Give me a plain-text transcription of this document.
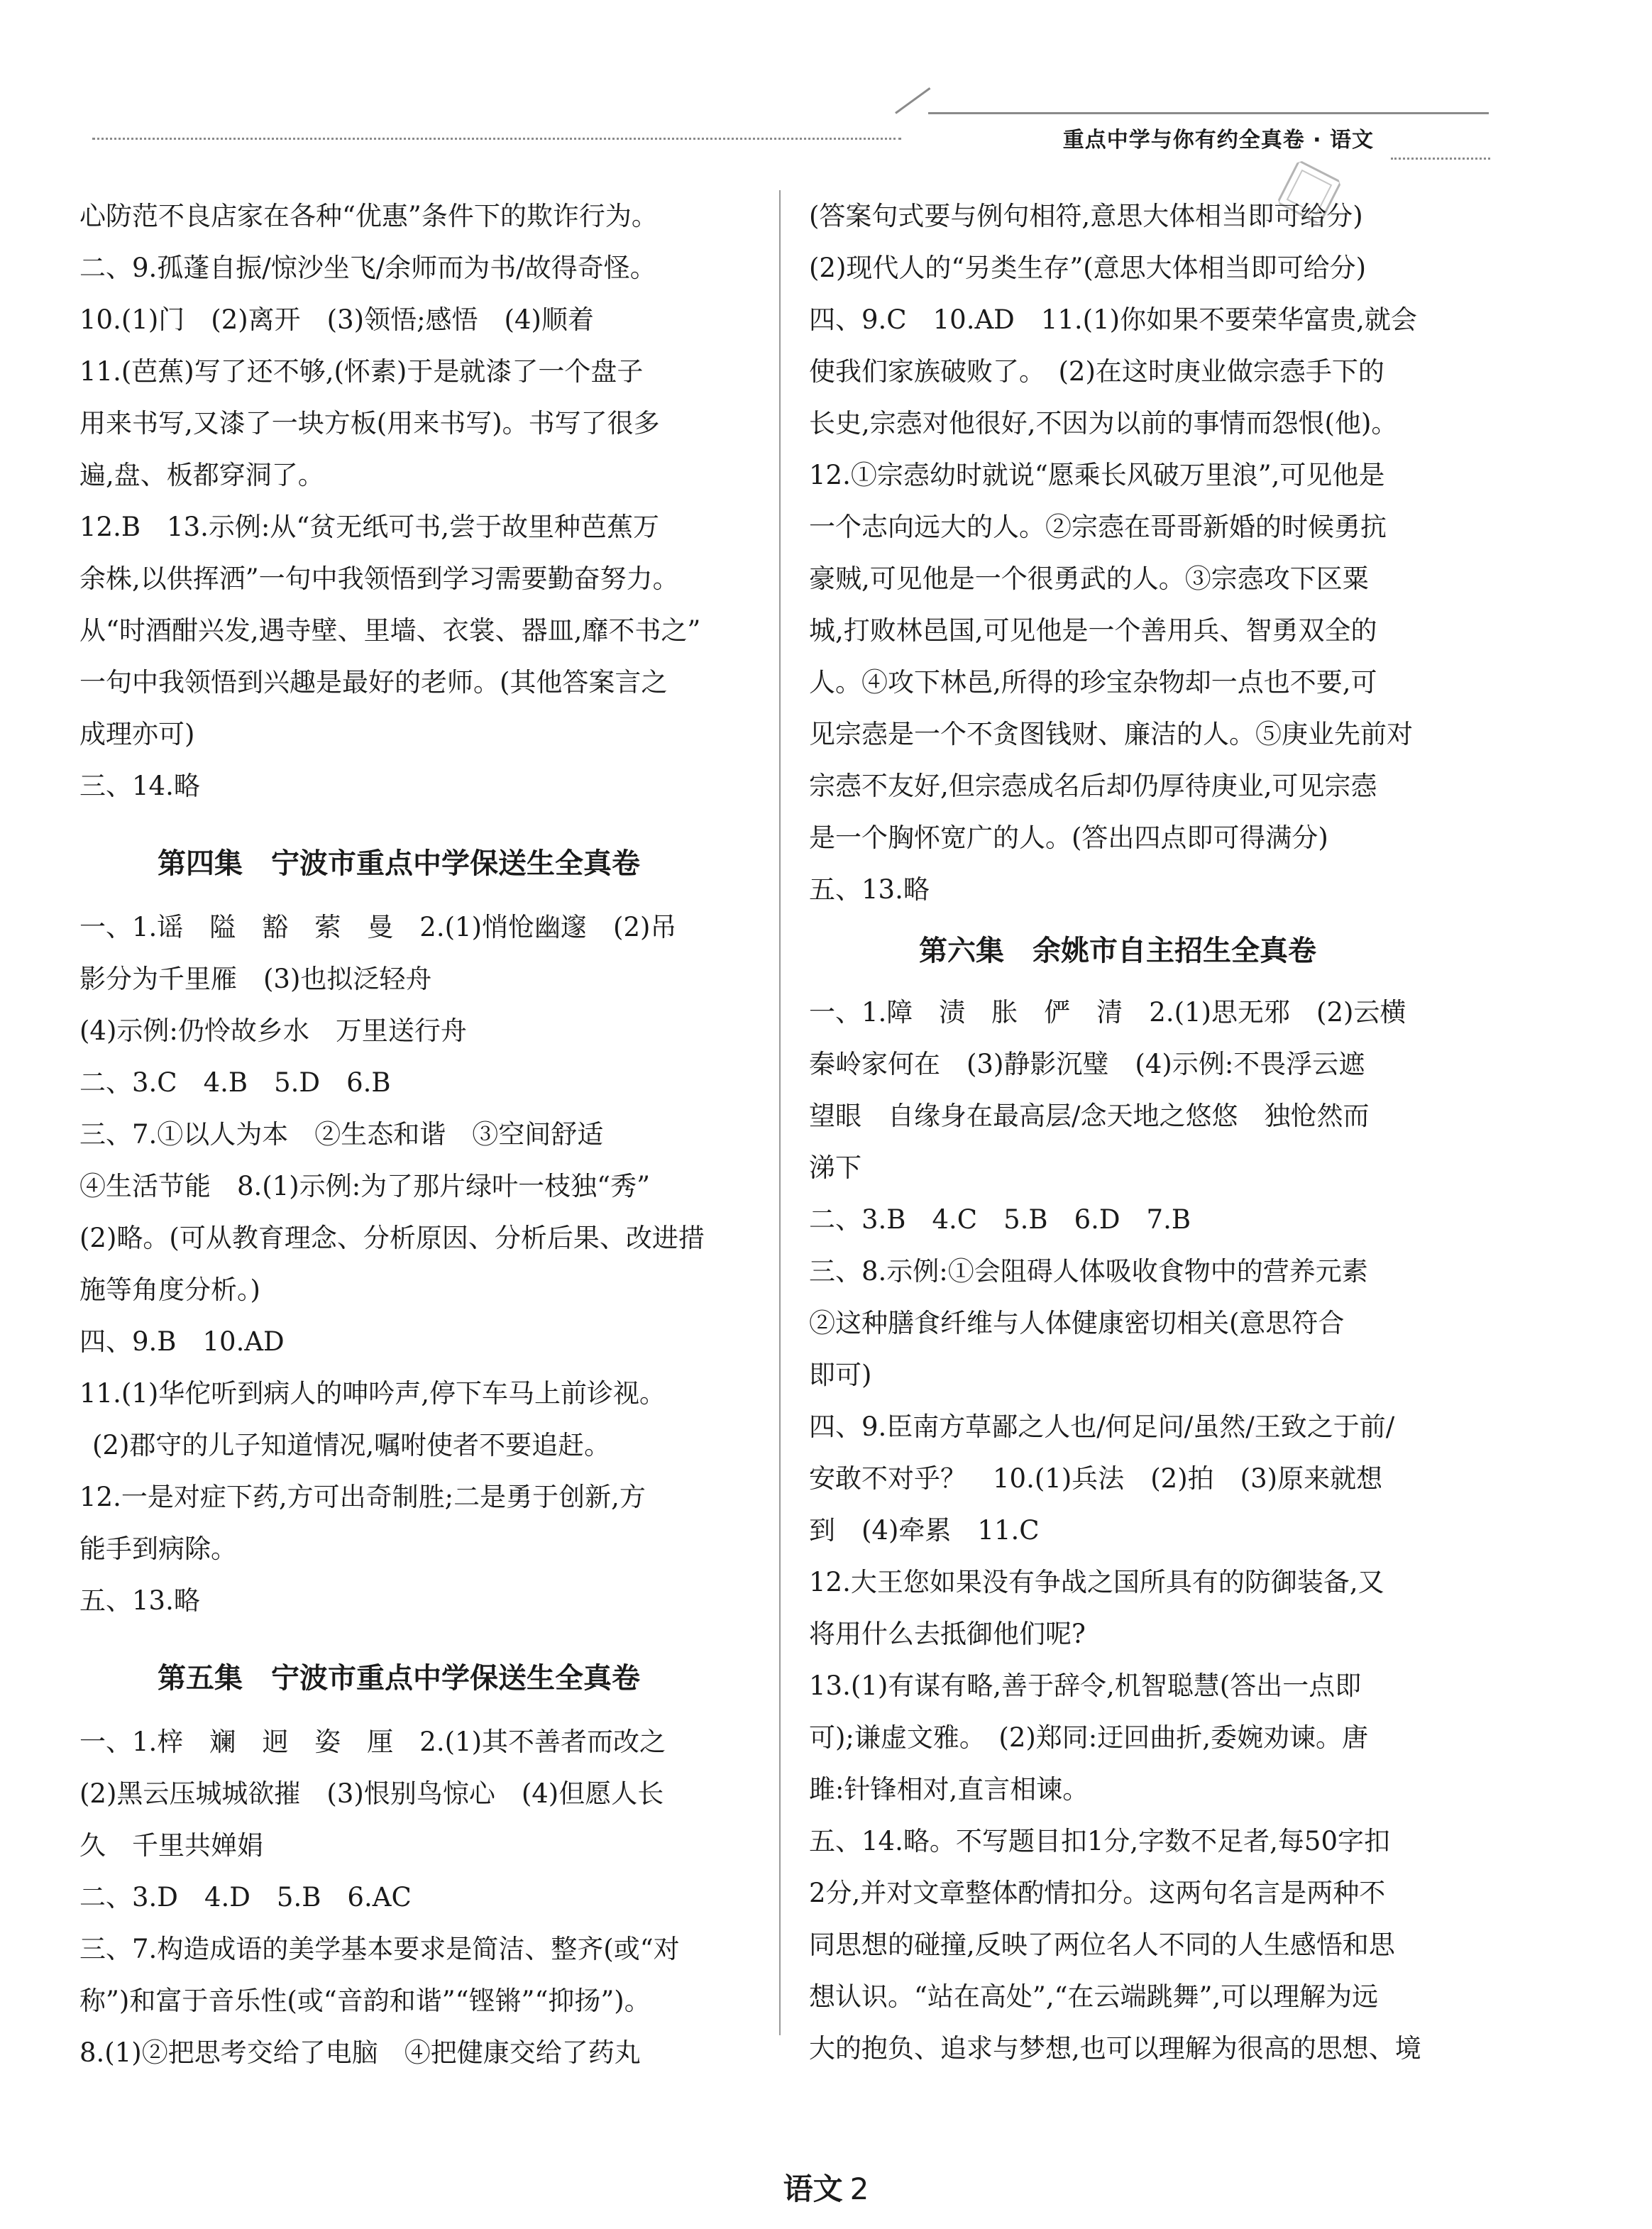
重点中学与你有约全真卷 · 语文
心防范不良店家在各种“优惠”条件下的欺诈行为。
二、9.孤蓬自振/惊沙坐飞/余师而为书/故得奇怪。
10.(1)门　(2)离开　(3)领悟;感悟　(4)顺着
11.(芭蕉)写了还不够,(怀素)于是就漆了一个盘子
用来书写,又漆了一块方板(用来书写)。书写了很多
遍,盘、板都穿洞了。
12.B　13.示例:从“贫无纸可书,尝于故里种芭蕉万
余株,以供挥洒”一句中我领悟到学习需要勤奋努力。
从“时酒酣兴发,遇寺壁、里墙、衣裳、器皿,靡不书之”
一句中我领悟到兴趣是最好的老师。(其他答案言之
成理亦可)
三、14.略
第四集　宁波市重点中学保送生全真卷
一、1.谣　隘　豁　萦　曼　2.(1)悄怆幽邃　(2)吊
影分为千里雁　(3)也拟泛轻舟
(4)示例:仍怜故乡水　万里送行舟
二、3.C　4.B　5.D　6.B
三、7.①以人为本　②生态和谐　③空间舒适
④生活节能　8.(1)示例:为了那片绿叶一枝独“秀”
(2)略。(可从教育理念、分析原因、分析后果、改进措
施等角度分析。)
四、9.B　10.AD
11.(1)华佗听到病人的呻吟声,停下车马上前诊视。
(2)郡守的儿子知道情况,嘱咐使者不要追赶。
12.一是对症下药,方可出奇制胜;二是勇于创新,方
能手到病除。
五、13.略
第五集　宁波市重点中学保送生全真卷
一、1.梓　斓　迥　姿　厘　2.(1)其不善者而改之
(2)黑云压城城欲摧　(3)恨别鸟惊心　(4)但愿人长
久　千里共婵娟
二、3.D　4.D　5.B　6.AC
三、7.构造成语的美学基本要求是简洁、整齐(或“对
称”)和富于音乐性(或“音韵和谐”“铿锵”“抑扬”)。
8.(1)②把思考交给了电脑　④把健康交给了药丸
(答案句式要与例句相符,意思大体相当即可给分)
(2)现代人的“另类生存”(意思大体相当即可给分)
四、9.C　10.AD　11.(1)你如果不要荣华富贵,就会
使我们家族破败了。　(2)在这时庚业做宗悫手下的
长史,宗悫对他很好,不因为以前的事情而怨恨(他)。
12.①宗悫幼时就说“愿乘长风破万里浪”,可见他是
一个志向远大的人。②宗悫在哥哥新婚的时候勇抗
豪贼,可见他是一个很勇武的人。③宗悫攻下区粟
城,打败林邑国,可见他是一个善用兵、智勇双全的
人。④攻下林邑,所得的珍宝杂物却一点也不要,可
见宗悫是一个不贪图钱财、廉洁的人。⑤庚业先前对
宗悫不友好,但宗悫成名后却仍厚待庚业,可见宗悫
是一个胸怀宽广的人。(答出四点即可得满分)
五、13.略
第六集　余姚市自主招生全真卷
一、1.障　渍　胀　俨　清　2.(1)思无邪　(2)云横
秦岭家何在　(3)静影沉璧　(4)示例:不畏浮云遮
望眼　自缘身在最高层/念天地之悠悠　独怆然而
涕下
二、3.B　4.C　5.B　6.D　7.B
三、8.示例:①会阻碍人体吸收食物中的营养元素
②这种膳食纤维与人体健康密切相关(意思符合
即可)
四、9.臣南方草鄙之人也/何足问/虽然/王致之于前/
安敢不对乎？　10.(1)兵法　(2)拍　(3)原来就想
到　(4)牵累　11.C
12.大王您如果没有争战之国所具有的防御装备,又
将用什么去抵御他们呢?
13.(1)有谋有略,善于辞令,机智聪慧(答出一点即
可);谦虚文雅。　(2)郑同:迂回曲折,委婉劝谏。唐
雎:针锋相对,直言相谏。
五、14.略。不写题目扣1分,字数不足者,每50字扣
2分,并对文章整体酌情扣分。这两句名言是两种不
同思想的碰撞,反映了两位名人不同的人生感悟和思
想认识。“站在高处”,“在云端跳舞”,可以理解为远
大的抱负、追求与梦想,也可以理解为很高的思想、境
语文 2
